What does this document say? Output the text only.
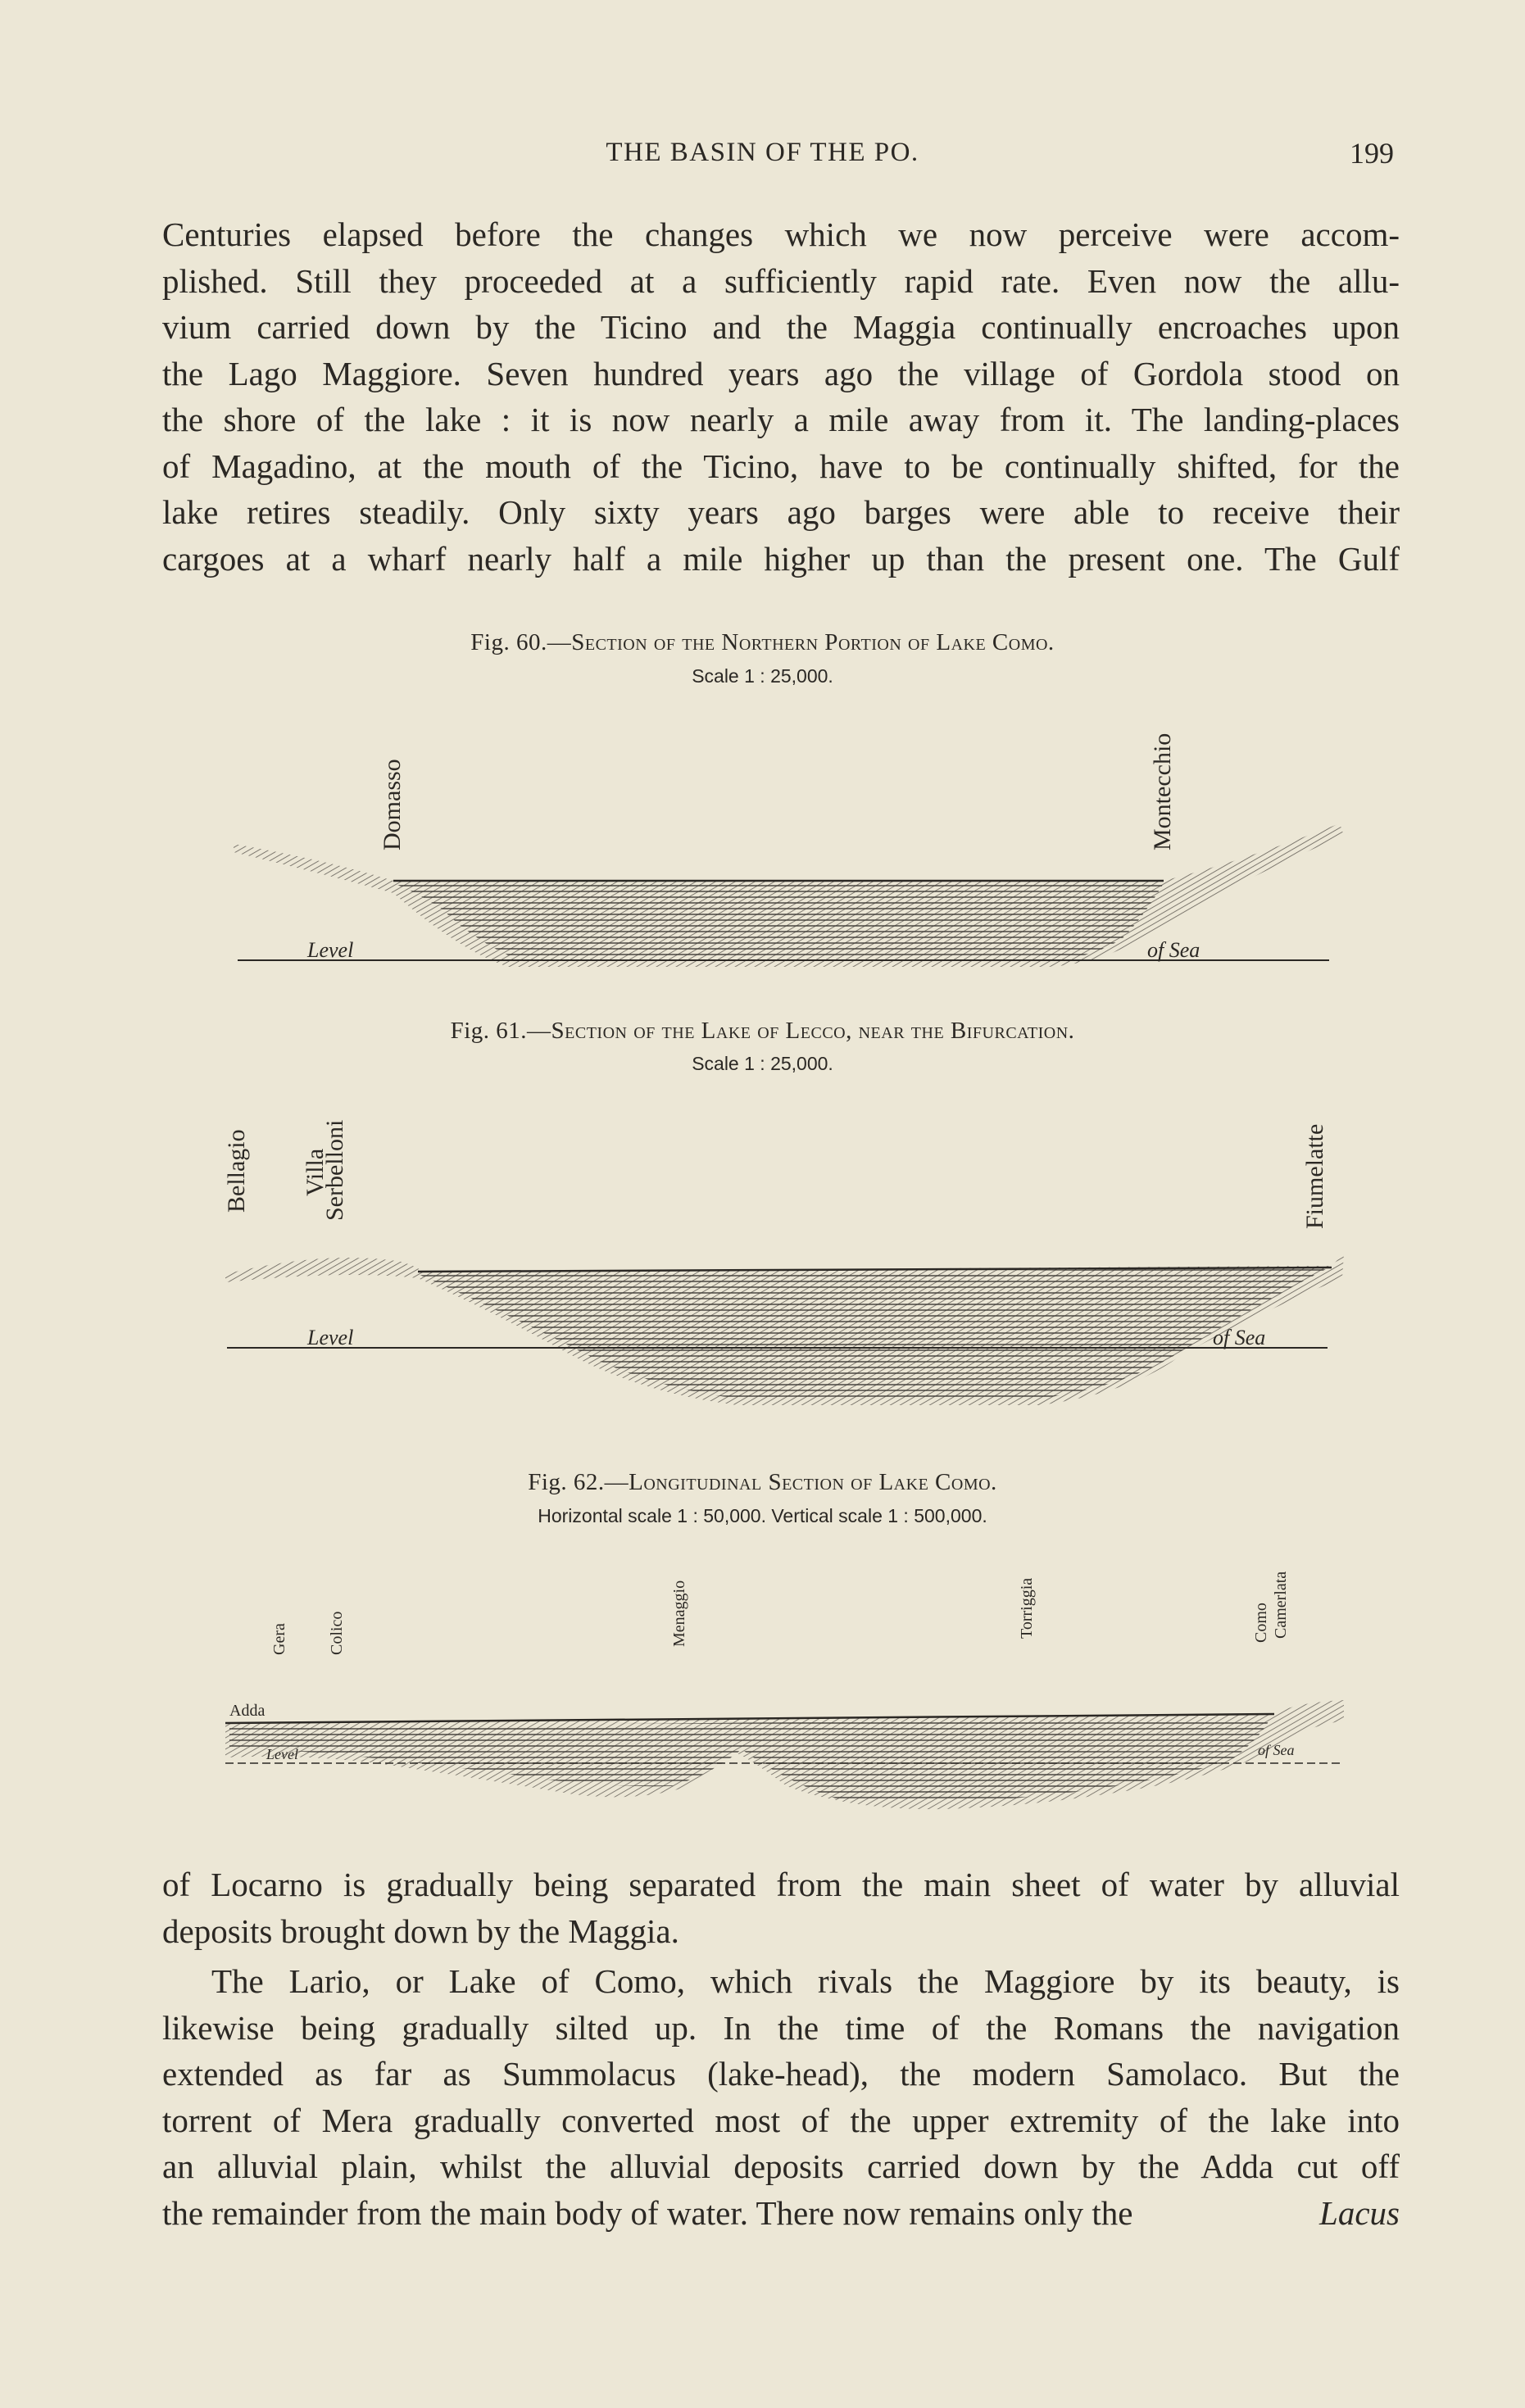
THE BASIN OF THE PO.	199
Centuries elapsed before the changes which we now perceive were accom-
plished. Still they proceeded at a sufficiently rapid rate. Even now the allu-
vium carried down by the Ticino and the Maggia continually encroaches upon
the Lago Maggiore. Seven hundred years ago the village of Gordola stood on
the shore of the lake : it is now nearly a mile away from it. The landing-places
of Magadino, at the mouth of the Ticino, have to be continually shifted, for the
lake retires steadily. Only sixty years ago barges were able to receive their
cargoes at a wharf nearly half a mile higher up than the present one. The Gulf
Fig. 60.—Section of the Northern Portion of Lake Como.
Scale 1 : 25,000.
Domasso	Montecchio
Level	of Sea
Fig. 61.—Section of the Lake of Lecco, near the Bifurcation.
Scale 1 : 25,000.
Bellagio Villa
Serbelloni	Fiumelatte
Level	of Sea
Fig. 62.—Longitudinal Section of Lake Como.
Horizontal scale 1 : 50,000. Vertical scale 1 : 500,000.
Gera Colico	Menaggio	Torriggia	Como Camerlata
Adda
Level	of Sea
of Locarno is gradually being separated from the main sheet of water by alluvial
deposits brought down by the Maggia.
The Lario, or Lake of Como, which rivals the Maggiore by its beauty, is
likewise being gradually silted up. In the time of the Romans the navigation
extended as far as Summolacus (lake-head), the modern Samolaco. But the
torrent of Mera gradually converted most of the upper extremity of the lake into
an alluvial plain, whilst the alluvial deposits carried down by the Adda cut off
the remainder from the main body of water. There now remains only the	Lacus
